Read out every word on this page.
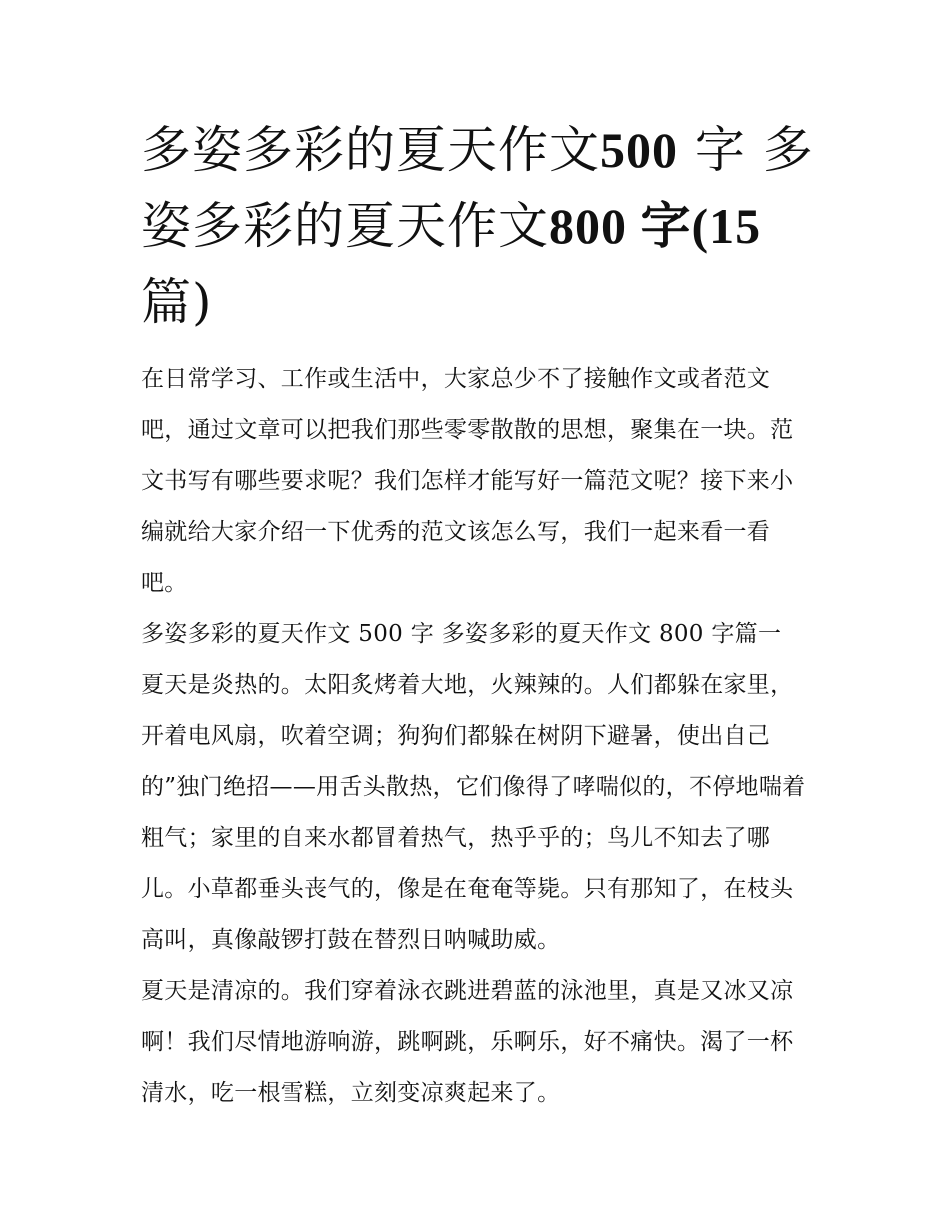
多姿多彩的夏天作文500 字 多姿多彩的夏天作文800 字(15 篇)

在日常学习、工作或生活中，大家总少不了接触作文或者范文吧，通过文章可以把我们那些零零散散的思想，聚集在一块。范文书写有哪些要求呢？我们怎样才能写好一篇范文呢？接下来小编就给大家介绍一下优秀的范文该怎么写，我们一起来看一看吧。

多姿多彩的夏天作文 500 字 多姿多彩的夏天作文 800 字篇一

夏天是炎热的。太阳炙烤着大地，火辣辣的。人们都躲在家里，开着电风扇，吹着空调；狗狗们都躲在树阴下避暑，使出自己的”独门绝招——用舌头散热，它们像得了哮喘似的，不停地喘着粗气；家里的自来水都冒着热气，热乎乎的；鸟儿不知去了哪儿。小草都垂头丧气的，像是在奄奄等毙。只有那知了，在枝头高叫，真像敲锣打鼓在替烈日呐喊助威。

夏天是清凉的。我们穿着泳衣跳进碧蓝的泳池里，真是又冰又凉啊！我们尽情地游响游，跳啊跳，乐啊乐，好不痛快。渴了一杯清水，吃一根雪糕，立刻变凉爽起来了。
